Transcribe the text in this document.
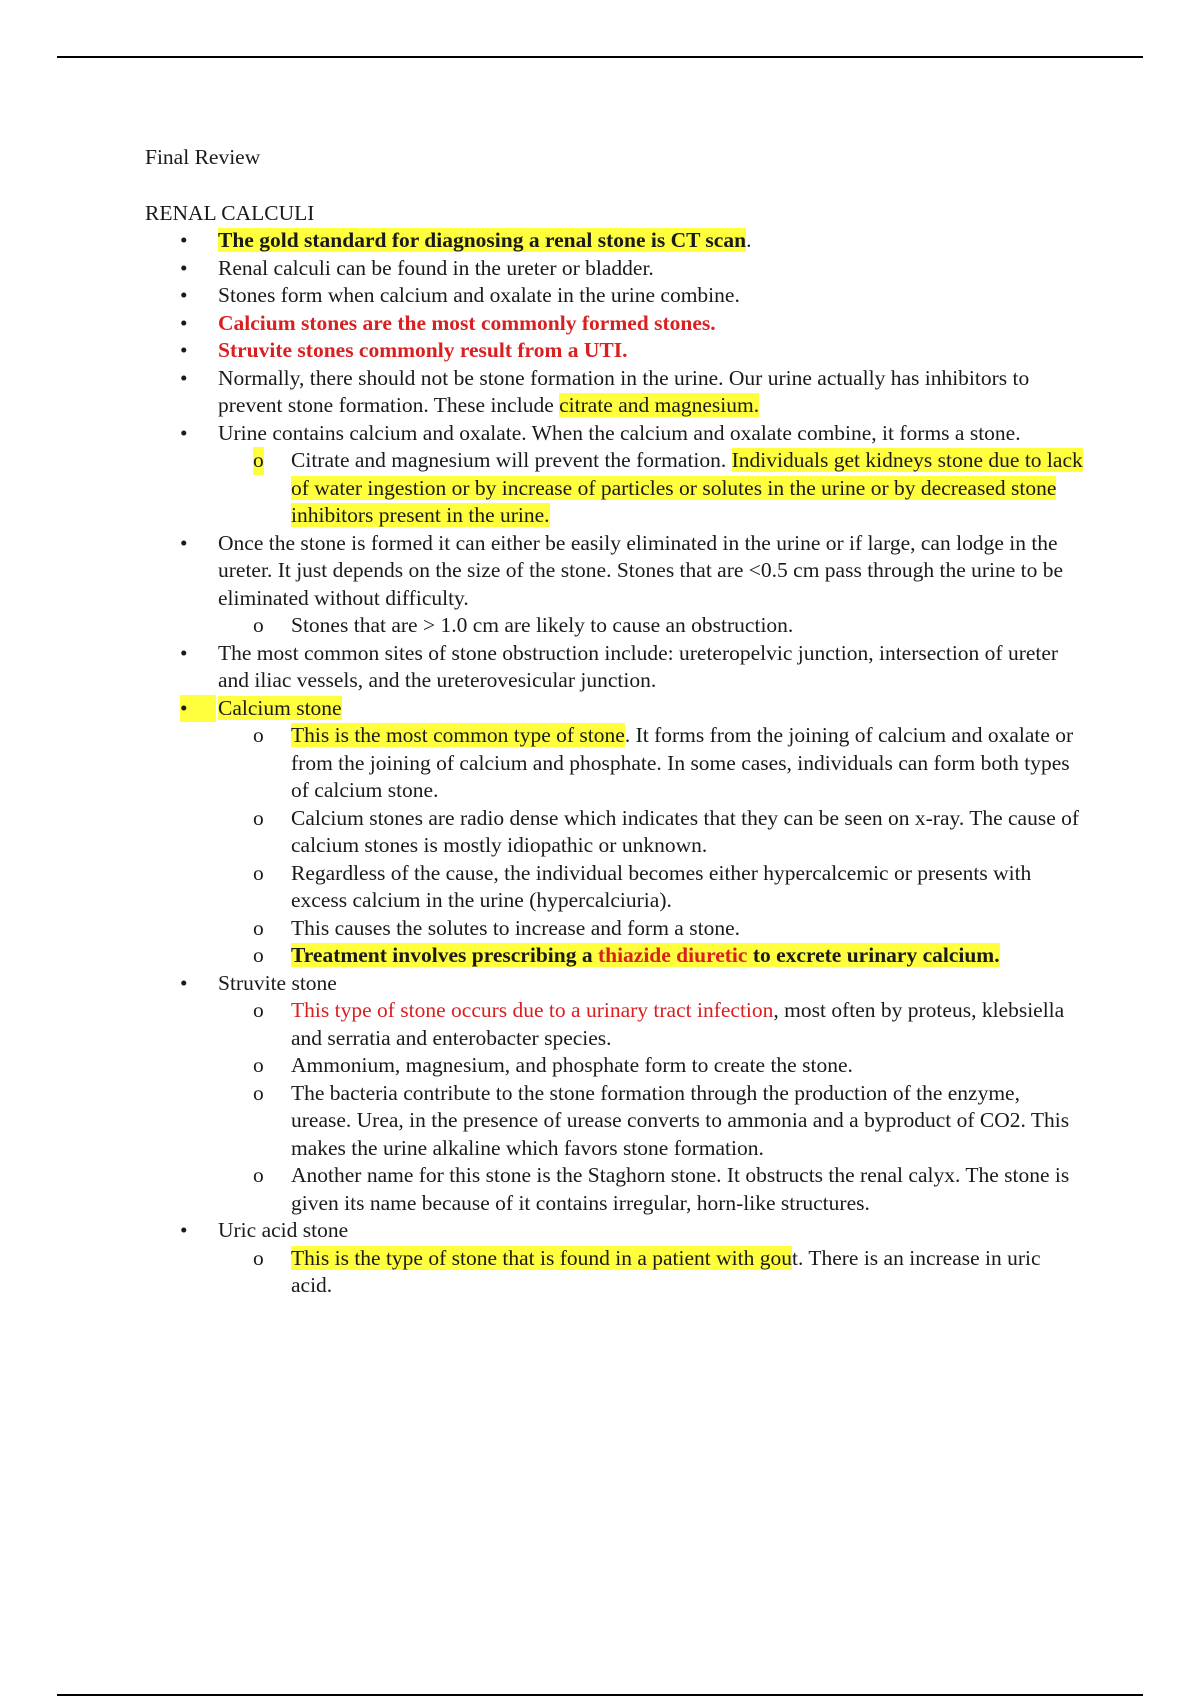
Final Review

RENAL CALCULI

• The gold standard for diagnosing a renal stone is CT scan.
• Renal calculi can be found in the ureter or bladder.
• Stones form when calcium and oxalate in the urine combine.
• Calcium stones are the most commonly formed stones.
• Struvite stones commonly result from a UTI.
• Normally, there should not be stone formation in the urine. Our urine actually has inhibitors to prevent stone formation. These include citrate and magnesium.
• Urine contains calcium and oxalate. When the calcium and oxalate combine, it forms a stone.
o Citrate and magnesium will prevent the formation. Individuals get kidneys stone due to lack of water ingestion or by increase of particles or solutes in the urine or by decreased stone inhibitors present in the urine.
• Once the stone is formed it can either be easily eliminated in the urine or if large, can lodge in the ureter. It just depends on the size of the stone. Stones that are <0.5 cm pass through the urine to be eliminated without difficulty.
o Stones that are > 1.0 cm are likely to cause an obstruction.
• The most common sites of stone obstruction include: ureteropelvic junction, intersection of ureter and iliac vessels, and the ureterovesicular junction.
• Calcium stone
o This is the most common type of stone. It forms from the joining of calcium and oxalate or from the joining of calcium and phosphate. In some cases, individuals can form both types of calcium stone.
o Calcium stones are radio dense which indicates that they can be seen on x-ray. The cause of calcium stones is mostly idiopathic or unknown.
o Regardless of the cause, the individual becomes either hypercalcemic or presents with excess calcium in the urine (hypercalciuria).
o This causes the solutes to increase and form a stone.
o Treatment involves prescribing a thiazide diuretic to excrete urinary calcium.
• Struvite stone
o This type of stone occurs due to a urinary tract infection, most often by proteus, klebsiella and serratia and enterobacter species.
o Ammonium, magnesium, and phosphate form to create the stone.
o The bacteria contribute to the stone formation through the production of the enzyme, urease. Urea, in the presence of urease converts to ammonia and a byproduct of CO2. This makes the urine alkaline which favors stone formation.
o Another name for this stone is the Staghorn stone. It obstructs the renal calyx. The stone is given its name because of it contains irregular, horn-like structures.
• Uric acid stone
o This is the type of stone that is found in a patient with gout. There is an increase in uric acid.
